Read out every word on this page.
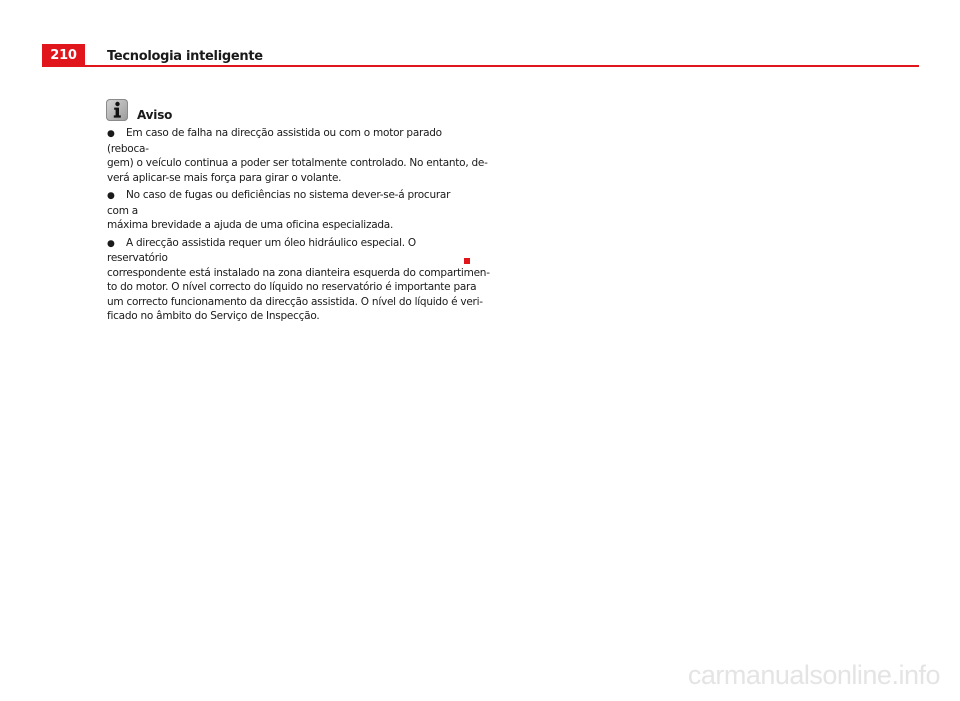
210	Tecnologia inteligente
Aviso
● Em caso de falha na direcção assistida ou com o motor parado (reboca-
gem) o veículo continua a poder ser totalmente controlado. No entanto, de-
verá aplicar-se mais força para girar o volante.
● No caso de fugas ou deficiências no sistema dever-se-á procurar com a
máxima brevidade a ajuda de uma oficina especializada.
● A direcção assistida requer um óleo hidráulico especial. O reservatório
correspondente está instalado na zona dianteira esquerda do compartimen-
to do motor. O nível correcto do líquido no reservatório é importante para
um correcto funcionamento da direcção assistida. O nível do líquido é veri-
ficado no âmbito do Serviço de Inspecção.
carmanualsonline.info
